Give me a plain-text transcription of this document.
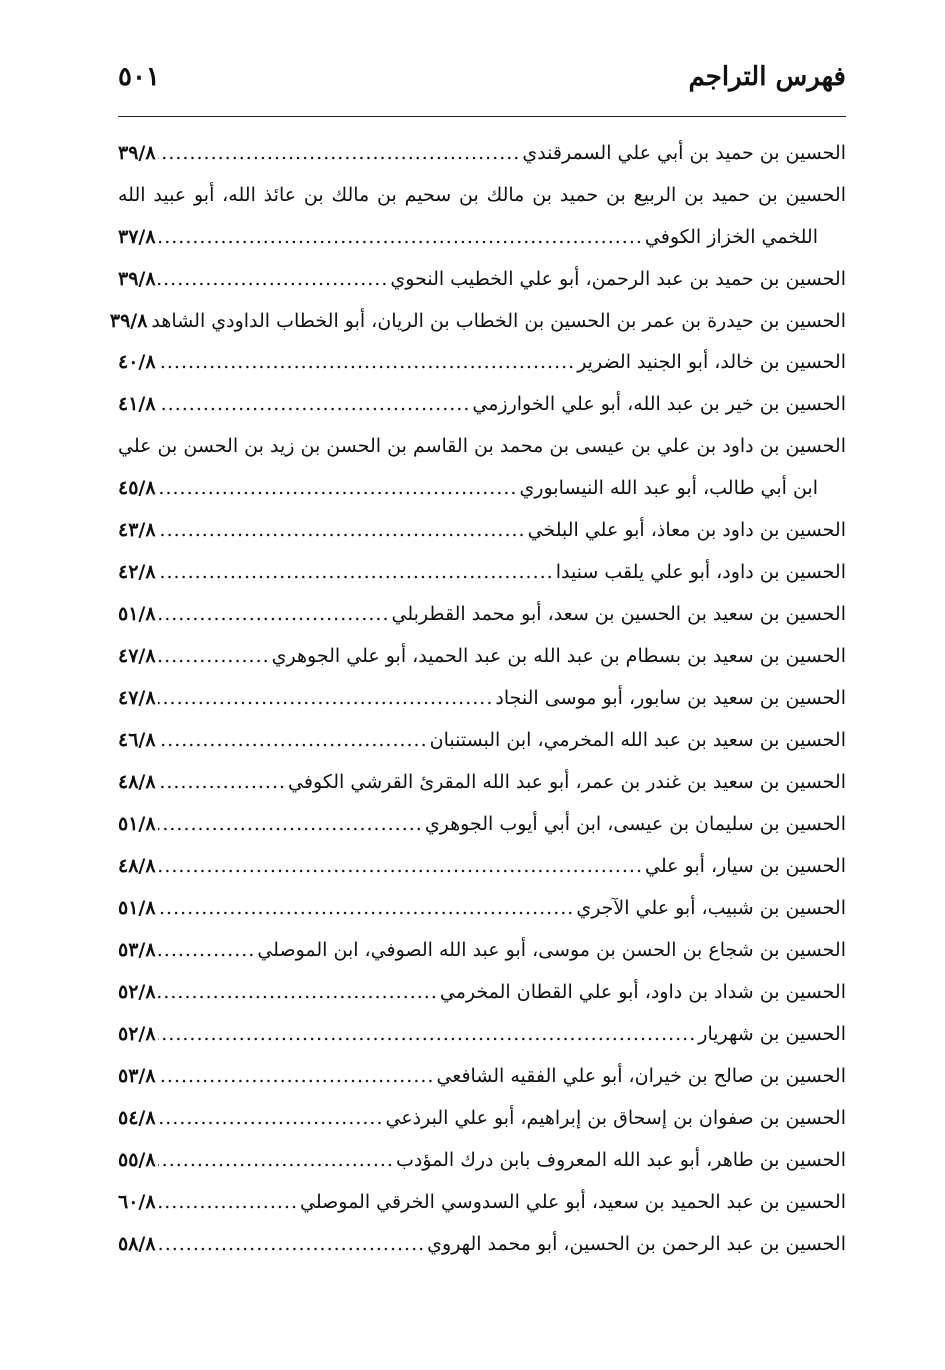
فهرس التراجم
٥٠١
الحسين بن حميد بن أبي علي السمرقندي
.....
٣٩/٨
الحسين بن حميد بن الربيع بن حميد بن مالك بن سحيم بن مالك بن عائذ الله، أبو عبيد الله
اللخمي الخزاز الكوفي
.....
٣٧/٨
الحسين بن حميد بن عبد الرحمن، أبو علي الخطيب النحوي
.....
٣٩/٨
الحسين بن حيدرة بن عمر بن الحسين بن الخطاب بن الريان، أبو الخطاب الداودي الشاهد
٣٩/٨
الحسين بن خالد، أبو الجنيد الضرير
.....
٤٠/٨
الحسين بن خير بن عبد الله، أبو علي الخوارزمي
.....
٤١/٨
الحسين بن داود بن علي بن عيسى بن محمد بن القاسم بن الحسن بن زيد بن الحسن بن علي
ابن أبي طالب، أبو عبد الله النيسابوري
.....
٤٥/٨
الحسين بن داود بن معاذ، أبو علي البلخي
.....
٤٣/٨
الحسين بن داود، أبو علي يلقب سنيدا
.....
٤٢/٨
الحسين بن سعيد بن الحسين بن سعد، أبو محمد القطربلي
.....
٥١/٨
الحسين بن سعيد بن بسطام بن عبد الله بن عبد الحميد، أبو علي الجوهري
.....
٤٧/٨
الحسين بن سعيد بن سابور، أبو موسى النجاد
.....
٤٧/٨
الحسين بن سعيد بن عبد الله المخرمي، ابن البستنبان
.....
٤٦/٨
الحسين بن سعيد بن غندر بن عمر، أبو عبد الله المقرئ القرشي الكوفي
.....
٤٨/٨
الحسين بن سليمان بن عيسى، ابن أبي أيوب الجوهري
.....
٥١/٨
الحسين بن سيار، أبو علي
.....
٤٨/٨
الحسين بن شبيب، أبو علي الآجري
.....
٥١/٨
الحسين بن شجاع بن الحسن بن موسى، أبو عبد الله الصوفي، ابن الموصلي
.....
٥٣/٨
الحسين بن شداد بن داود، أبو علي القطان المخرمي
.....
٥٢/٨
الحسين بن شهريار
.....
٥٢/٨
الحسين بن صالح بن خيران، أبو علي الفقيه الشافعي
.....
٥٣/٨
الحسين بن صفوان بن إسحاق بن إبراهيم، أبو علي البرذعي
.....
٥٤/٨
الحسين بن طاهر، أبو عبد الله المعروف بابن درك المؤدب
.....
٥٥/٨
الحسين بن عبد الحميد بن سعيد، أبو علي السدوسي الخرقي الموصلي
.....
٦٠/٨
الحسين بن عبد الرحمن بن الحسين، أبو محمد الهروي
.....
٥٨/٨
